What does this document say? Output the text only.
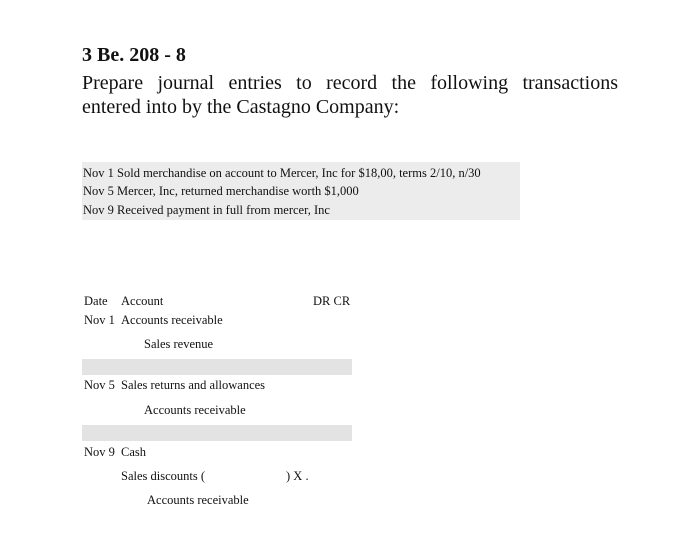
3 Be. 208 - 8
Prepare journal entries to record the following transactions
entered into by the Castagno Company:
Nov 1 Sold merchandise on account to Mercer, Inc for $18,00, terms 2/10, n/30
Nov 5 Mercer, Inc, returned merchandise worth $1,000
Nov 9 Received payment in full from mercer, Inc
Date Account	DR CR
Nov 1 Accounts receivable
Sales revenue
Nov 5 Sales returns and allowances
Accounts receivable
Nov 9 Cash
Sales discounts (	) X .
Accounts receivable
